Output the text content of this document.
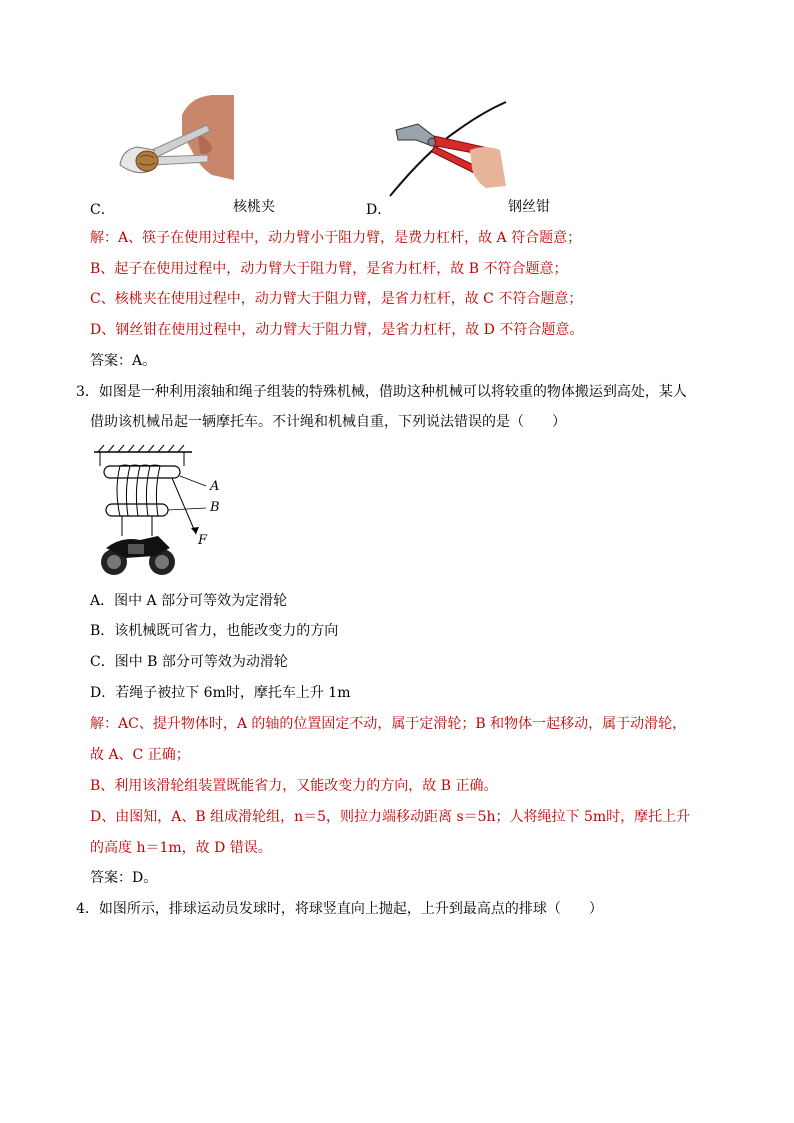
C．	核桃夹	D．	钢丝钳
解：A、筷子在使用过程中，动力臂小于阻力臂，是费力杠杆，故 A 符合题意；
B、起子在使用过程中，动力臂大于阻力臂，是省力杠杆，故 B 不符合题意；
C、核桃夹在使用过程中，动力臂大于阻力臂，是省力杠杆，故 C 不符合题意；
D、钢丝钳在使用过程中，动力臂大于阻力臂，是省力杠杆，故 D 不符合题意。
答案：A。
3．如图是一种利用滚轴和绳子组装的特殊机械，借助这种机械可以将较重的物体搬运到高处，某人
借助该机械吊起一辆摩托车。不计绳和机械自重，下列说法错误的是（　　）
A
B
F
A．图中 A 部分可等效为定滑轮
B．该机械既可省力，也能改变力的方向
C．图中 B 部分可等效为动滑轮
D．若绳子被拉下 6m时，摩托车上升 1m
解：AC、提升物体时，A 的轴的位置固定不动，属于定滑轮；B 和物体一起移动，属于动滑轮，
故 A、C 正确；
B、利用该滑轮组装置既能省力，又能改变力的方向，故 B 正确。
D、由图知，A、B 组成滑轮组，n＝5，则拉力端移动距离 s＝5h；人将绳拉下 5m时，摩托上升
的高度 h＝1m，故 D 错误。
答案：D。
4．如图所示，排球运动员发球时，将球竖直向上抛起，上升到最高点的排球（　　）
